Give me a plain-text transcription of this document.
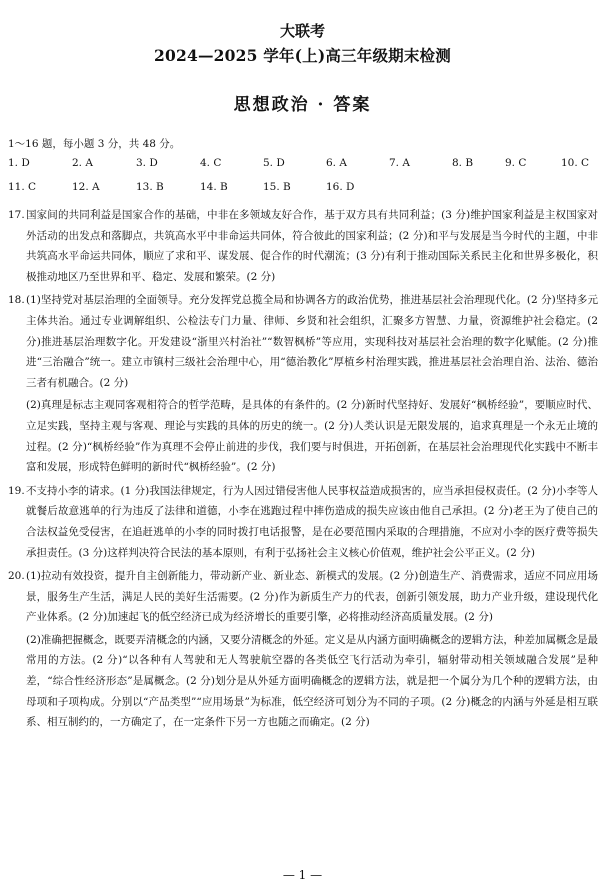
大联考
2024—2025 学年(上)高三年级期末检测
思想政治 · 答案
1～16 题，每小题 3 分，共 48 分。
1. D	2. A	3. D	4. C	5. D	6. A	7. A	8. B	9. C	10. C
11. C	12. A	13. B	14. B	15. B	16. D
17. 国家间的共同利益是国家合作的基础，中非在多领域友好合作，基于双方具有共同利益；(3 分)维护国家利益是主权国家对外活动的出发点和落脚点，共筑高水平中非命运共同体，符合彼此的国家利益；(2 分)和平与发展是当今时代的主题，中非共筑高水平命运共同体，顺应了求和平、谋发展、促合作的时代潮流；(3 分)有利于推动国际关系民主化和世界多极化，积极推动地区乃至世界和平、稳定、发展和繁荣。(2 分)
18. (1)坚持党对基层治理的全面领导。充分发挥党总揽全局和协调各方的政治优势，推进基层社会治理现代化。(2 分)坚持多元主体共治。通过专业调解组织、公检法专门力量、律师、乡贤和社会组织，汇聚多方智慧、力量，资源维护社会稳定。(2 分)推进基层治理数字化。开发建设“浙里兴村治社”“数智枫桥”等应用，实现科技对基层社会治理的数字化赋能。(2 分)推进“三治融合”统一。建立市镇村三级社会治理中心，用“德治教化”厚植乡村治理实践，推进基层社会治理自治、法治、德治三者有机融合。(2 分)
(2)真理是标志主观同客观相符合的哲学范畴，是具体的有条件的。(2 分)新时代坚持好、发展好“枫桥经验”，要顺应时代、立足实践，坚持主观与客观、理论与实践的具体的历史的统一。(2 分)人类认识是无限发展的，追求真理是一个永无止境的过程。(2 分)“枫桥经验”作为真理不会停止前进的步伐，我们要与时俱进，开拓创新，在基层社会治理现代化实践中不断丰富和发展，形成特色鲜明的新时代“枫桥经验”。(2 分)
19. 不支持小李的请求。(1 分)我国法律规定，行为人因过错侵害他人民事权益造成损害的，应当承担侵权责任。(2 分)小李等人就餐后故意逃单的行为违反了法律和道德，小李在逃跑过程中摔伤造成的损失应该由他自己承担。(2 分)老王为了使自己的合法权益免受侵害，在追赶逃单的小李的同时拨打电话报警，是在必要范围内采取的合理措施，不应对小李的医疗费等损失承担责任。(3 分)这样判决符合民法的基本原则，有利于弘扬社会主义核心价值观，维护社会公平正义。(2 分)
20. (1)拉动有效投资，提升自主创新能力，带动新产业、新业态、新模式的发展。(2 分)创造生产、消费需求，适应不同应用场景，服务生产生活，满足人民的美好生活需要。(2 分)作为新质生产力的代表，创新引领发展，助力产业升级，建设现代化产业体系。(2 分)加速起飞的低空经济已成为经济增长的重要引擎，必将推动经济高质量发展。(2 分)
(2)准确把握概念，既要弄清概念的内涵，又要分清概念的外延。定义是从内涵方面明确概念的逻辑方法，种差加属概念是最常用的方法。(2 分)“以各种有人驾驶和无人驾驶航空器的各类低空飞行活动为牵引，辐射带动相关领域融合发展”是种差，“综合性经济形态”是属概念。(2 分)划分是从外延方面明确概念的逻辑方法，就是把一个属分为几个种的逻辑方法，由母项和子项构成。分别以“产品类型”“应用场景”为标准，低空经济可划分为不同的子项。(2 分)概念的内涵与外延是相互联系、相互制约的，一方确定了，在一定条件下另一方也随之而确定。(2 分)
— 1 —
